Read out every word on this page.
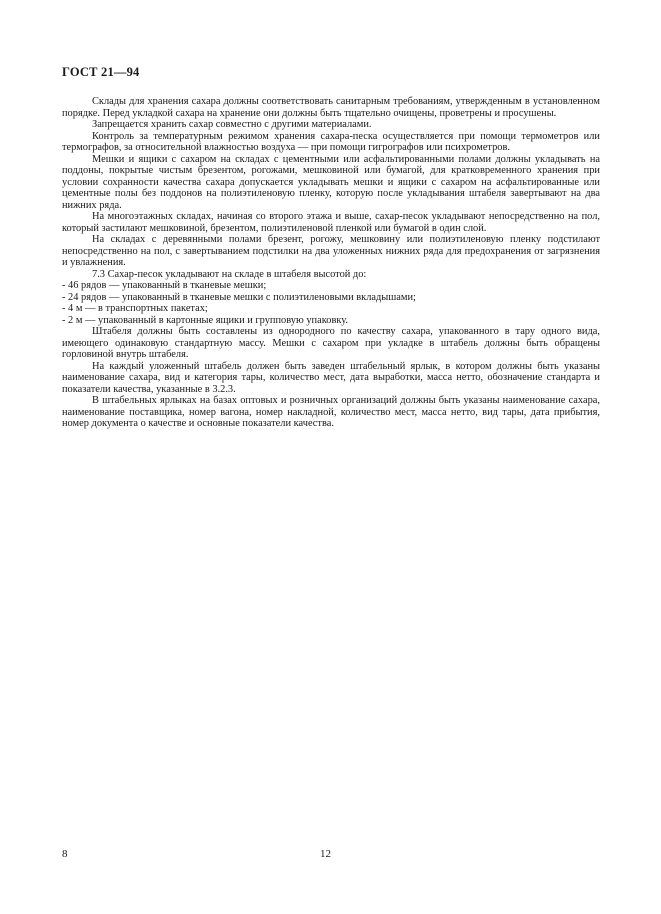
ГОСТ 21—94

Склады для хранения сахара должны соответствовать санитарным требованиям, утвержденным в установленном порядке. Перед укладкой сахара на хранение они должны быть тщательно очищены, проветрены и просушены.

Запрещается хранить сахар совместно с другими материалами.

Контроль за температурным режимом хранения сахара-песка осуществляется при помощи термометров или термографов, за относительной влажностью воздуха — при помощи гигрографов или психрометров.

Мешки и ящики с сахаром на складах с цементными или асфальтированными полами должны укладывать на поддоны, покрытые чистым брезентом, рогожами, мешковиной или бумагой, для кратковременного хранения при условии сохранности качества сахара допускается укладывать мешки и ящики с сахаром на асфальтированные или цементные полы без поддонов на полиэтиленовую пленку, которую после укладывания штабеля завертывают на два нижних ряда.

На многоэтажных складах, начиная со второго этажа и выше, сахар-песок укладывают непосредственно на пол, который застилают мешковиной, брезентом, полиэтиленовой пленкой или бумагой в один слой.

На складах с деревянными полами брезент, рогожу, мешковину или полиэтиленовую пленку подстилают непосредственно на пол, с завертыванием подстилки на два уложенных нижних ряда для предохранения от загрязнения и увлажнения.

7.3 Сахар-песок укладывают на складе в штабеля высотой до:

- 46 рядов — упакованный в тканевые мешки;

- 24 рядов — упакованный в тканевые мешки с полиэтиленовыми вкладышами;

- 4 м — в транспортных пакетах;

- 2 м — упакованный в картонные ящики и групповую упаковку.

Штабеля должны быть составлены из однородного по качеству сахара, упакованного в тару одного вида, имеющего одинаковую стандартную массу. Мешки с сахаром при укладке в штабель должны быть обращены горловиной внутрь штабеля.

На каждый уложенный штабель должен быть заведен штабельный ярлык, в котором должны быть указаны наименование сахара, вид и категория тары, количество мест, дата выработки, масса нетто, обозначение стандарта и показатели качества, указанные в 3.2.3.

В штабельных ярлыках на базах оптовых и розничных организаций должны быть указаны наименование сахара, наименование поставщика, номер вагона, номер накладной, количество мест, масса нетто, вид тары, дата прибытия, номер документа о качестве и основные показатели качества.

8	12
